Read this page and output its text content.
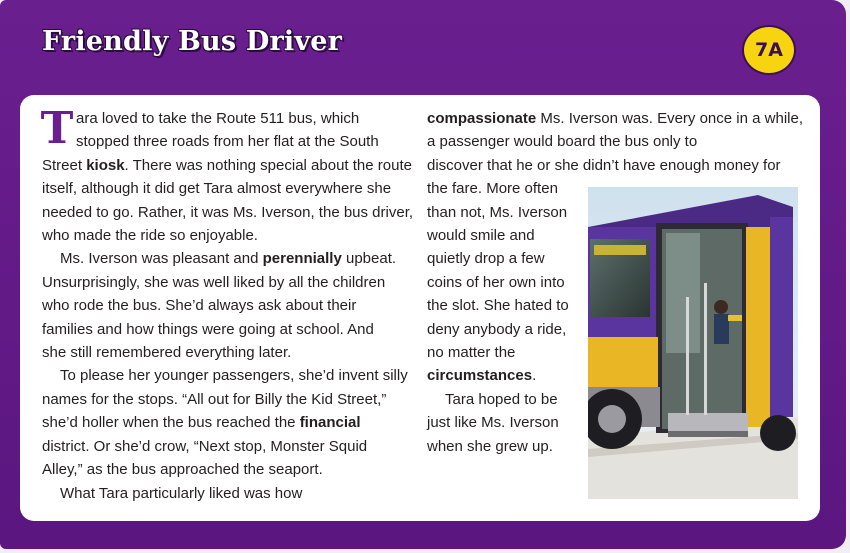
Friendly Bus Driver	7A

Tara loved to take the Route 511 bus, which

stopped three roads from her flat at the South

Street kiosk. There was nothing special about the route

itself, although it did get Tara almost everywhere she

needed to go. Rather, it was Ms. Iverson, the bus driver,

who made the ride so enjoyable.

Ms. Iverson was pleasant and perennially upbeat.

Unsurprisingly, she was well liked by all the children

who rode the bus. She’d always ask about their

families and how things were going at school. And

she still remembered everything later.

To please her younger passengers, she’d invent silly

names for the stops. “All out for Billy the Kid Street,”

she’d holler when the bus reached the financial

district. Or she’d crow, “Next stop, Monster Squid

Alley,” as the bus approached the seaport.

What Tara particularly liked was how

compassionate Ms. Iverson was. Every once in a while,

a passenger would board the bus only to

discover that he or she didn’t have enough money for

the fare. More often

than not, Ms. Iverson

would smile and

quietly drop a few

coins of her own into

the slot. She hated to

deny anybody a ride,

no matter the

circumstances.

Tara hoped to be

just like Ms. Iverson

when she grew up.
